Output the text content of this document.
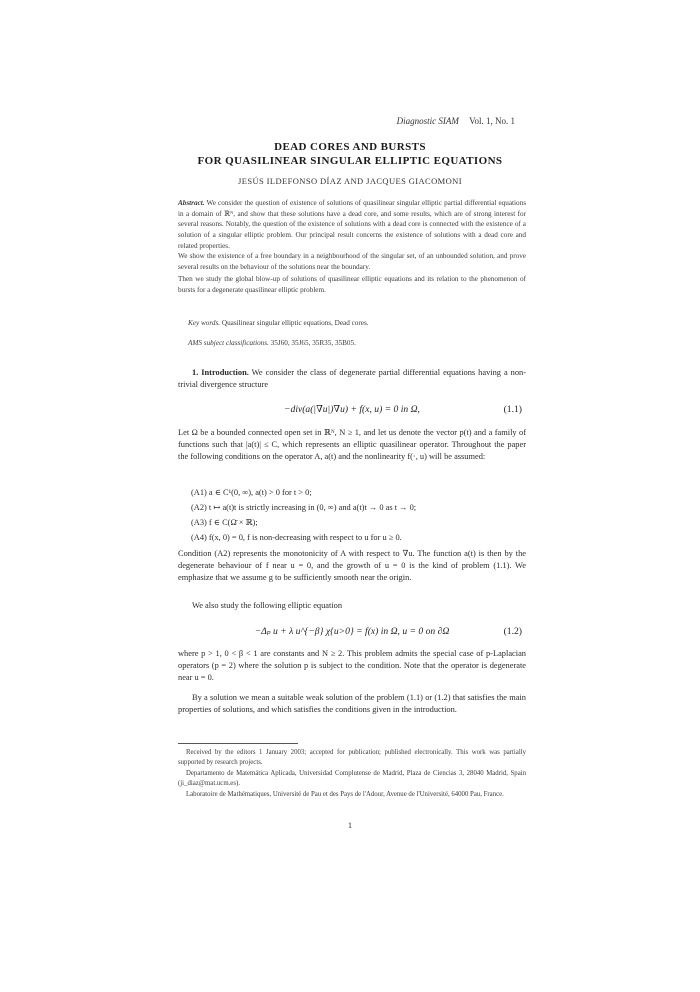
Diagnostic SIAM Vol. 1, No. 1
DEAD CORES AND BURSTS
FOR QUASILINEAR SINGULAR ELLIPTIC EQUATIONS
JESÚS ILDEFONSO DÍAZ AND JACQUES GIACOMONI
Abstract. We consider the question of existence of solutions of quasilinear singular elliptic partial differential equations in a domain of ℝᴺ, and show that these solutions have a dead core, and some results, which are of strong interest for several reasons. Notably, the question of the existence of solutions with a dead core is connected with the existence of a solution of a singular elliptic problem. Our principal result concerns the existence of solutions with a dead core and related properties.
We show the existence of a free boundary in a neighbourhood of the singular set, of an unbounded solution, and prove several results on the behaviour of the solutions near the boundary.
Then we study the global blow-up of solutions of quasilinear elliptic equations and its relation to the phenomenon of bursts for a degenerate quasilinear elliptic problem.
Key words. Quasilinear singular elliptic equations, Dead cores.
AMS subject classifications. 35J60, 35J65, 35R35, 35B05.
1. Introduction. We consider the class of degenerate partial differential equations having a non-trivial divergence structure
−div(a(|∇u|)∇u) + f(x, u) = 0 in Ω,	(1.1)
Let Ω be a bounded connected open set in ℝᴺ, N ≥ 1, and let us denote the vector p(t) and a family of functions such that |a(t)| ≤ C, which represents an elliptic quasilinear operator. Throughout the paper the following conditions on the operator A, a(t) and the nonlinearity f(·, u) will be assumed:
(A1) a ∈ C¹(0, ∞), a(t) > 0 for t > 0;
(A2) t ↦ a(t)t is strictly increasing in (0, ∞) and a(t)t → 0 as t → 0;
(A3) f ∈ C(Ω̄ × ℝ);
(A4) f(x, 0) = 0, f is non-decreasing with respect to u for u ≥ 0.
Condition (A2) represents the monotonicity of A with respect to ∇u. The function a(t) is then by the degenerate behaviour of f near u = 0, and the growth of u = 0 is the kind of problem (1.1). We emphasize that we assume g to be sufficiently smooth near the origin.
We also study the following elliptic equation
−Δₚ u + λ u^{−β} χ{u>0} = f(x) in Ω, u = 0 on ∂Ω	(1.2)
where p > 1, 0 < β < 1 are constants and N ≥ 2. This problem admits the special case of p-Laplacian operators (p = 2) where the solution p is subject to the condition. Note that the operator is degenerate near u = 0.
By a solution we mean a suitable weak solution of the problem (1.1) or (1.2) that satisfies the main properties of solutions, and which satisfies the conditions given in the introduction.
Received by the editors 1 January 2003; accepted for publication; published electronically. This work was partially supported by research projects.
Departamento de Matemática Aplicada, Universidad Complutense de Madrid, Plaza de Ciencias 3, 28040 Madrid, Spain (ji_diaz@mat.ucm.es).
Laboratoire de Mathématiques, Université de Pau et des Pays de l'Adour, Avenue de l'Université, 64000 Pau, France.
1
